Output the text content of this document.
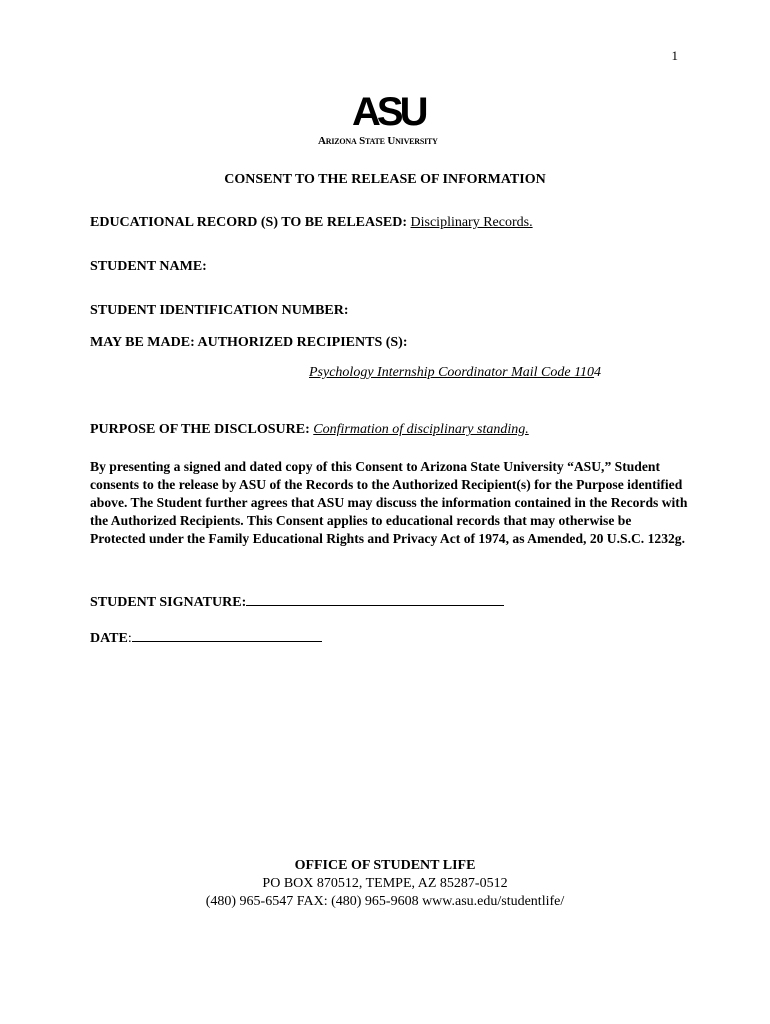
1
ASU
Arizona State University
CONSENT TO THE RELEASE OF INFORMATION
EDUCATIONAL RECORD (S) TO BE RELEASED: Disciplinary Records.
STUDENT NAME:
STUDENT IDENTIFICATION NUMBER:
MAY BE MADE: AUTHORIZED RECIPIENTS (S):
Psychology Internship Coordinator Mail Code 1104
PURPOSE OF THE DISCLOSURE: Confirmation of disciplinary standing.
By presenting a signed and dated copy of this Consent to Arizona State University “ASU,” Student consents to the release by ASU of the Records to the Authorized Recipient(s) for the Purpose identified above. The Student further agrees that ASU may discuss the information contained in the Records with the Authorized Recipients. This Consent applies to educational records that may otherwise be Protected under the Family Educational Rights and Privacy Act of 1974, as Amended, 20 U.S.C. 1232g.
STUDENT SIGNATURE:
DATE:
OFFICE OF STUDENT LIFE
PO BOX 870512, TEMPE, AZ 85287-0512
(480) 965-6547 FAX: (480) 965-9608 www.asu.edu/studentlife/
